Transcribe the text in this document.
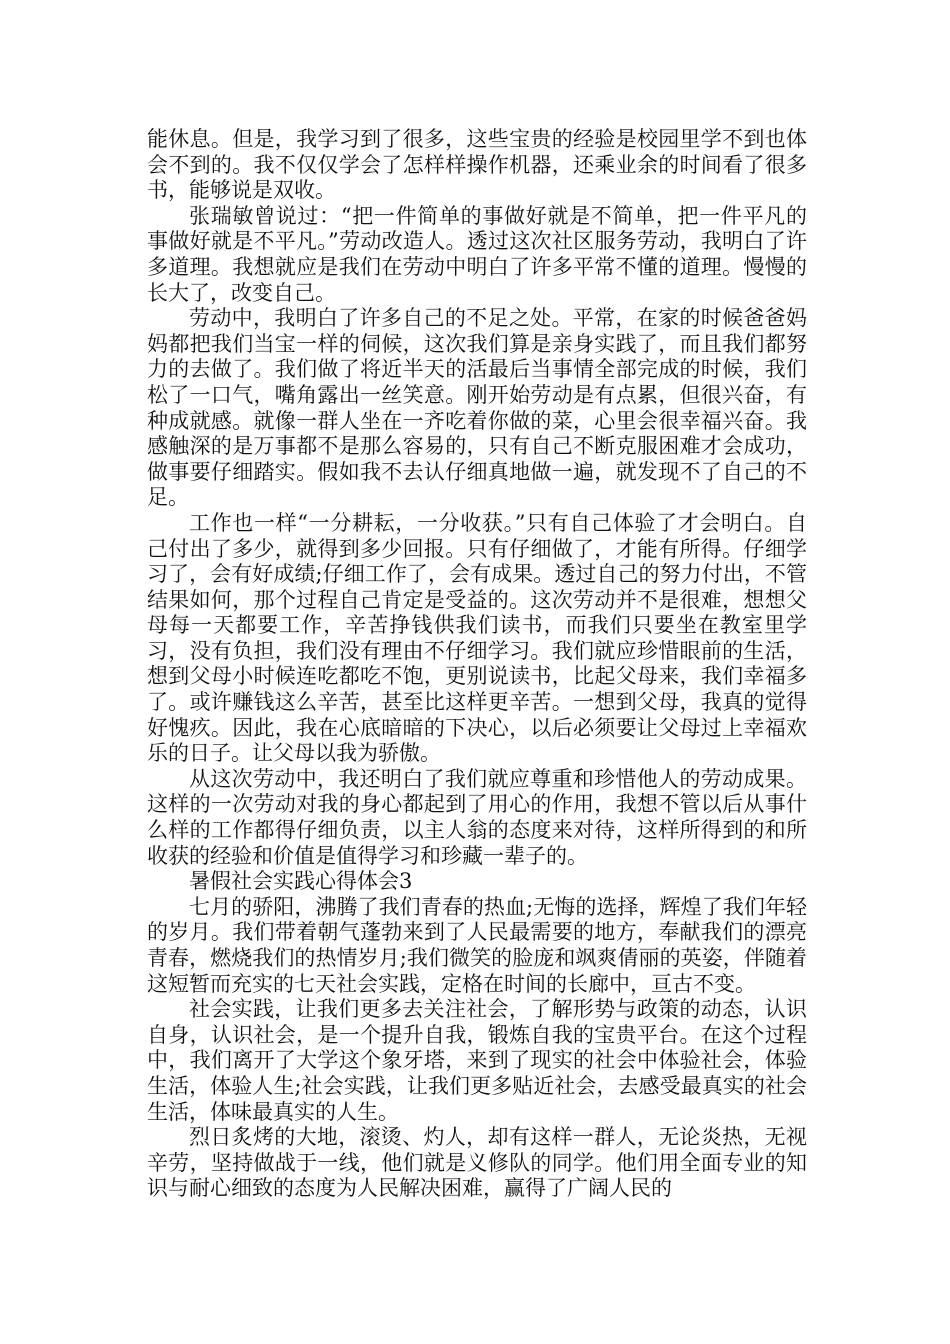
能休息。但是，我学习到了很多，这些宝贵的经验是校园里学不到也体会不到的。我不仅仅学会了怎样样操作机器，还乘业余的时间看了很多书，能够说是双收。

张瑞敏曾说过：“把一件简单的事做好就是不简单，把一件平凡的事做好就是不平凡。”劳动改造人。透过这次社区服务劳动，我明白了许多道理。我想就应是我们在劳动中明白了许多平常不懂的道理。慢慢的长大了，改变自己。

劳动中，我明白了许多自己的不足之处。平常，在家的时候爸爸妈妈都把我们当宝一样的伺候，这次我们算是亲身实践了，而且我们都努力的去做了。我们做了将近半天的活最后当事情全部完成的时候，我们松了一口气，嘴角露出一丝笑意。刚开始劳动是有点累，但很兴奋，有种成就感。就像一群人坐在一齐吃着你做的菜，心里会很幸福兴奋。我感触深的是万事都不是那么容易的，只有自己不断克服困难才会成功，做事要仔细踏实。假如我不去认仔细真地做一遍，就发现不了自己的不足。

工作也一样“一分耕耘，一分收获。”只有自己体验了才会明白。自己付出了多少，就得到多少回报。只有仔细做了，才能有所得。仔细学习了，会有好成绩;仔细工作了，会有成果。透过自己的努力付出，不管结果如何，那个过程自己肯定是受益的。这次劳动并不是很难，想想父母每一天都要工作，辛苦挣钱供我们读书，而我们只要坐在教室里学习，没有负担，我们没有理由不仔细学习。我们就应珍惜眼前的生活，想到父母小时候连吃都吃不饱，更别说读书，比起父母来，我们幸福多了。或许赚钱这么辛苦，甚至比这样更辛苦。一想到父母，我真的觉得好愧疚。因此，我在心底暗暗的下决心，以后必须要让父母过上幸福欢乐的日子。让父母以我为骄傲。

从这次劳动中，我还明白了我们就应尊重和珍惜他人的劳动成果。这样的一次劳动对我的身心都起到了用心的作用，我想不管以后从事什么样的工作都得仔细负责，以主人翁的态度来对待，这样所得到的和所收获的经验和价值是值得学习和珍藏一辈子的。

暑假社会实践心得体会3

七月的骄阳，沸腾了我们青春的热血;无悔的选择，辉煌了我们年轻的岁月。我们带着朝气蓬勃来到了人民最需要的地方，奉献我们的漂亮青春，燃烧我们的热情岁月;我们微笑的脸庞和飒爽倩丽的英姿，伴随着这短暂而充实的七天社会实践，定格在时间的长廊中，亘古不变。

社会实践，让我们更多去关注社会，了解形势与政策的动态，认识自身，认识社会，是一个提升自我，锻炼自我的宝贵平台。在这个过程中，我们离开了大学这个象牙塔，来到了现实的社会中体验社会，体验生活，体验人生;社会实践，让我们更多贴近社会，去感受最真实的社会生活，体味最真实的人生。

烈日炙烤的大地，滚烫、灼人，却有这样一群人，无论炎热，无视辛劳，坚持做战于一线，他们就是义修队的同学。他们用全面专业的知识与耐心细致的态度为人民解决困难，赢得了广阔人民的
